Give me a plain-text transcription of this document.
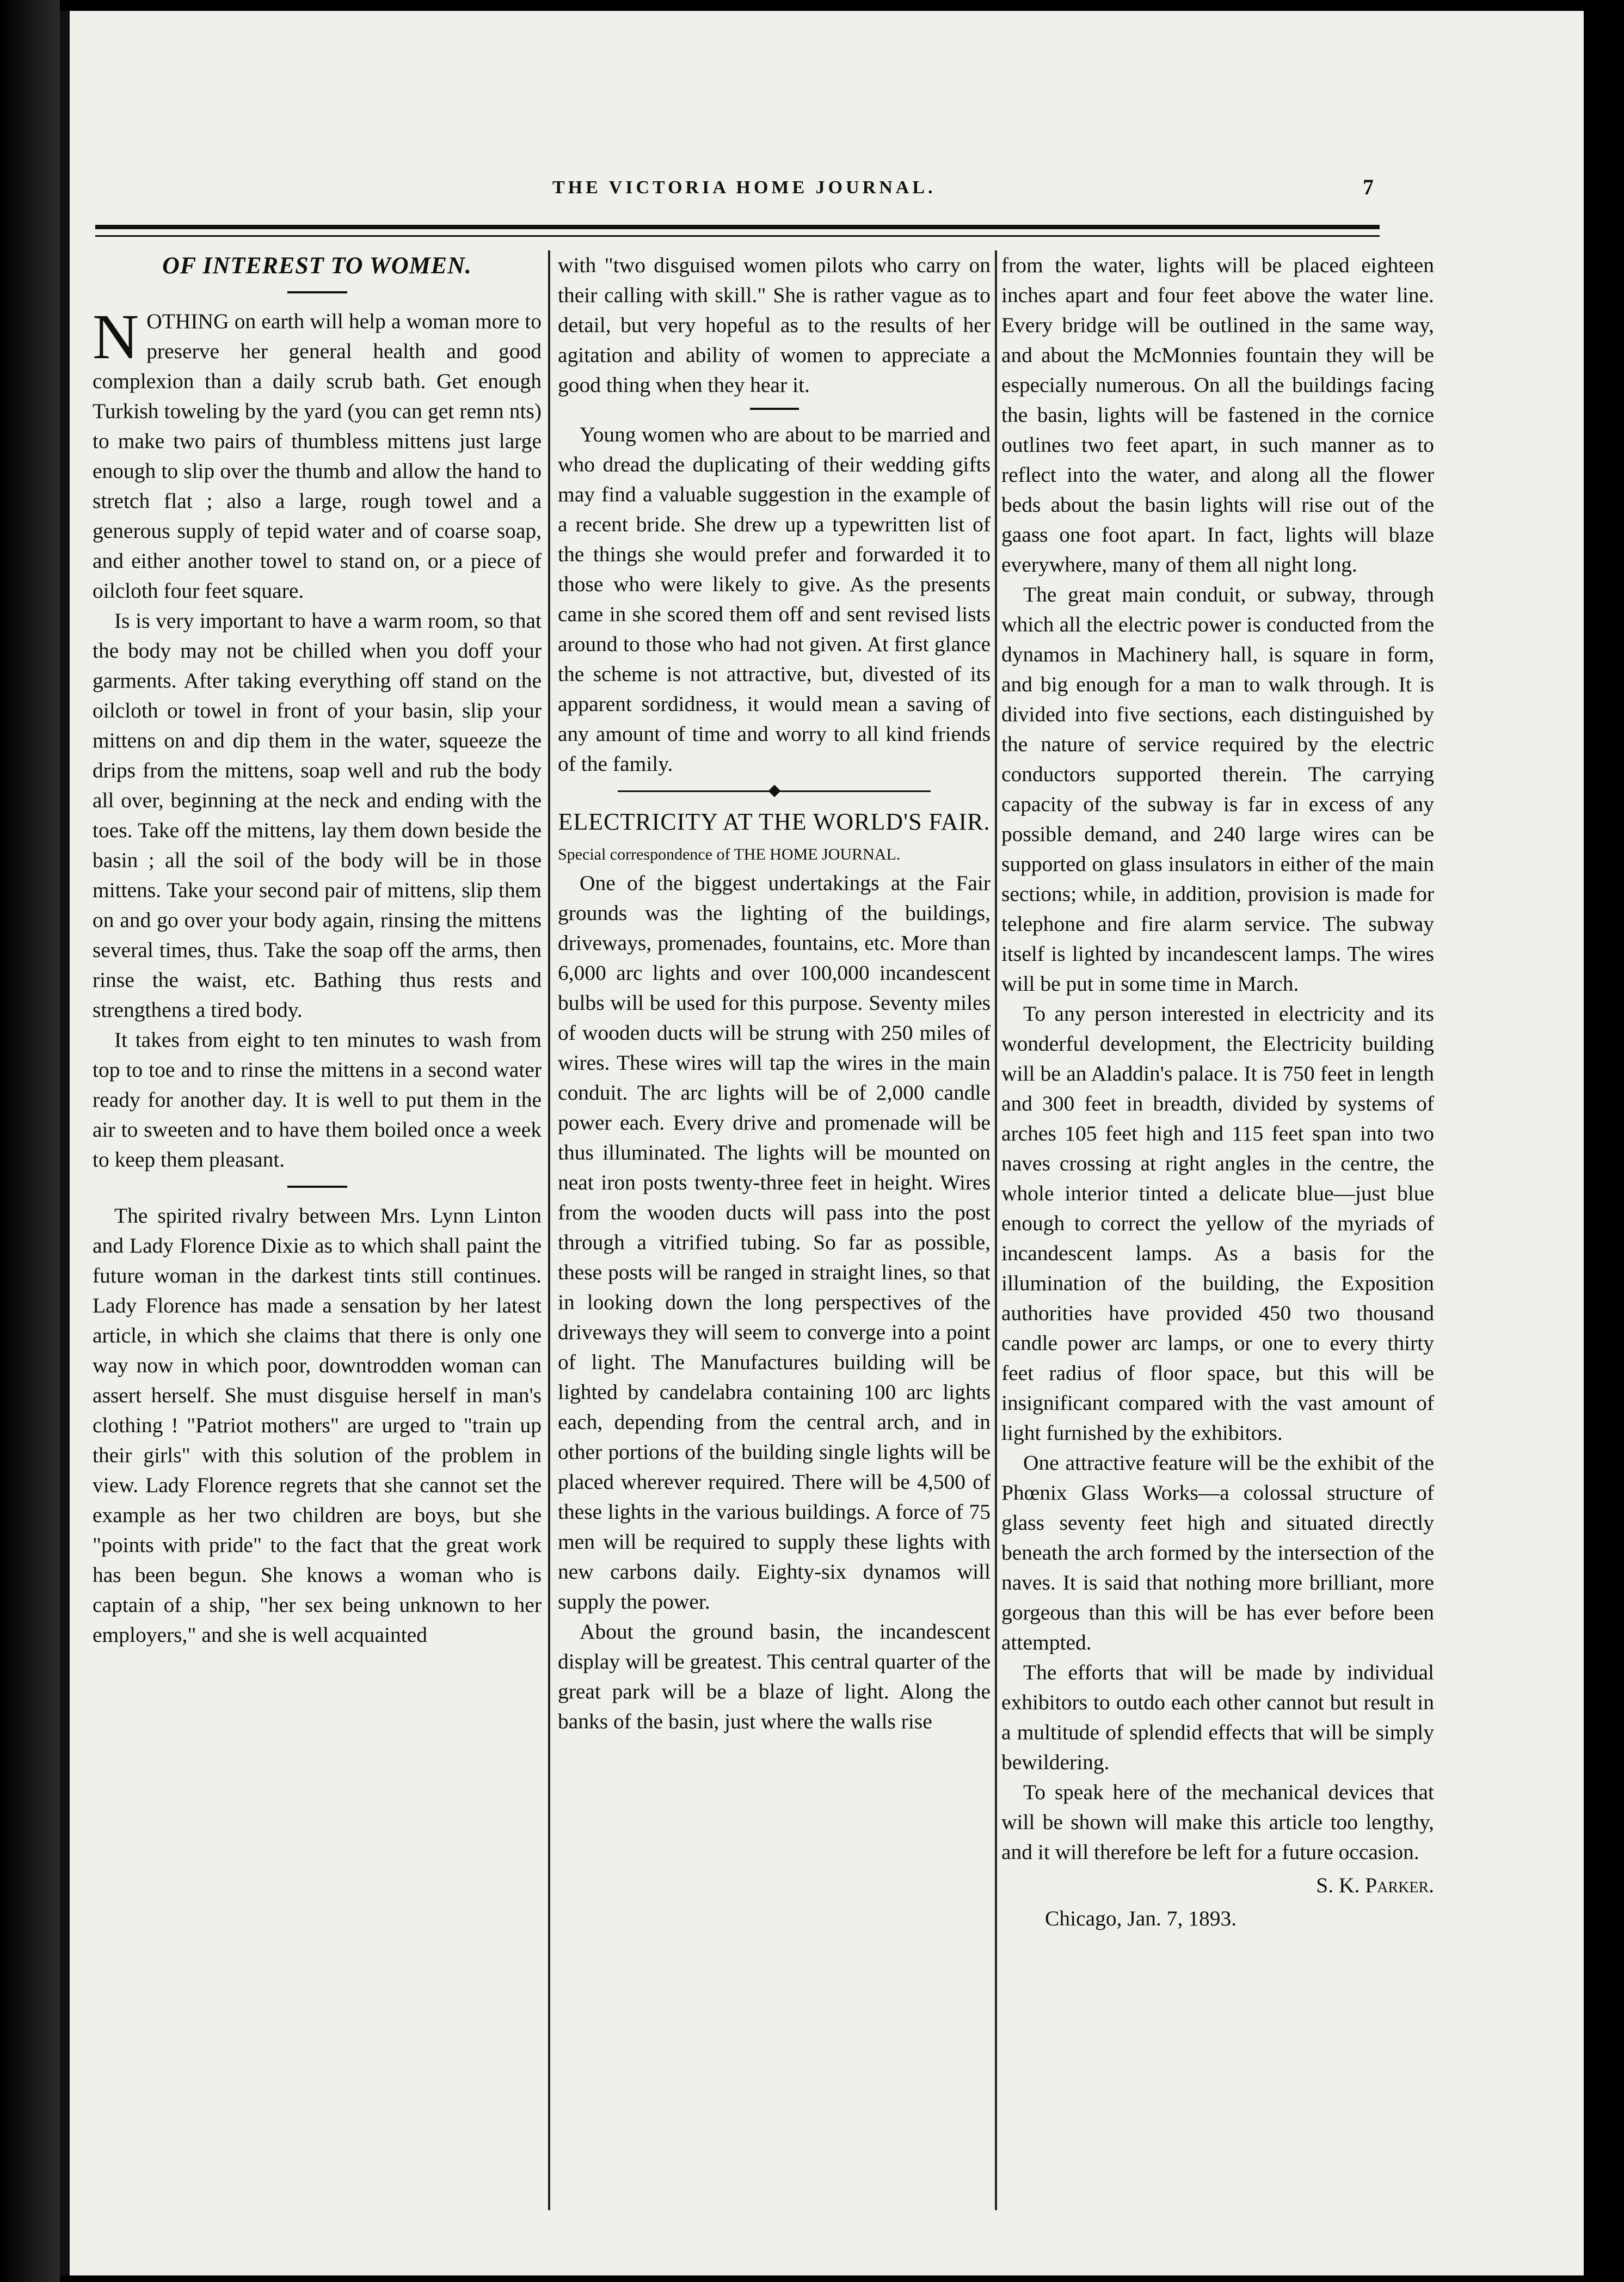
THE VICTORIA HOME JOURNAL.	7
OF INTEREST TO WOMEN.

NOTHING on earth will help a woman more to preserve her general health and good complexion than a daily scrub bath. Get enough Turkish toweling by the yard (you can get remn nts) to make two pairs of thumbless mittens just large enough to slip over the thumb and allow the hand to stretch flat ; also a large, rough towel and a generous supply of tepid water and of coarse soap, and either another towel to stand on, or a piece of oilcloth four feet square.

Is is very important to have a warm room, so that the body may not be chilled when you doff your garments. After taking everything off stand on the oilcloth or towel in front of your basin, slip your mittens on and dip them in the water, squeeze the drips from the mittens, soap well and rub the body all over, beginning at the neck and ending with the toes. Take off the mittens, lay them down beside the basin ; all the soil of the body will be in those mittens. Take your second pair of mittens, slip them on and go over your body again, rinsing the mittens several times, thus. Take the soap off the arms, then rinse the waist, etc. Bathing thus rests and strengthens a tired body.

It takes from eight to ten minutes to wash from top to toe and to rinse the mittens in a second water ready for another day. It is well to put them in the air to sweeten and to have them boiled once a week to keep them pleasant.

The spirited rivalry between Mrs. Lynn Linton and Lady Florence Dixie as to which shall paint the future woman in the darkest tints still continues. Lady Florence has made a sensation by her latest article, in which she claims that there is only one way now in which poor, downtrodden woman can assert herself. She must disguise herself in man's clothing ! "Patriot mothers" are urged to "train up their girls" with this solution of the problem in view. Lady Florence regrets that she cannot set the example as her two children are boys, but she "points with pride" to the fact that the great work has been begun. She knows a woman who is captain of a ship, "her sex being unknown to her employers," and she is well acquainted

with "two disguised women pilots who carry on their calling with skill." She is rather vague as to detail, but very hopeful as to the results of her agitation and ability of women to appreciate a good thing when they hear it.

Young women who are about to be married and who dread the duplicating of their wedding gifts may find a valuable suggestion in the example of a recent bride. She drew up a typewritten list of the things she would prefer and forwarded it to those who were likely to give. As the presents came in she scored them off and sent revised lists around to those who had not given. At first glance the scheme is not attractive, but, divested of its apparent sordidness, it would mean a saving of any amount of time and worry to all kind friends of the family.

ELECTRICITY AT THE WORLD'S FAIR.

Special correspondence of THE HOME JOURNAL.

One of the biggest undertakings at the Fair grounds was the lighting of the buildings, driveways, promenades, fountains, etc. More than 6,000 arc lights and over 100,000 incandescent bulbs will be used for this purpose. Seventy miles of wooden ducts will be strung with 250 miles of wires. These wires will tap the wires in the main conduit. The arc lights will be of 2,000 candle power each. Every drive and promenade will be thus illuminated. The lights will be mounted on neat iron posts twenty-three feet in height. Wires from the wooden ducts will pass into the post through a vitrified tubing. So far as possible, these posts will be ranged in straight lines, so that in looking down the long perspectives of the driveways they will seem to converge into a point of light. The Manufactures building will be lighted by candelabra containing 100 arc lights each, depending from the central arch, and in other portions of the building single lights will be placed wherever required. There will be 4,500 of these lights in the various buildings. A force of 75 men will be required to supply these lights with new carbons daily. Eighty-six dynamos will supply the power.

About the ground basin, the incandescent display will be greatest. This central quarter of the great park will be a blaze of light. Along the banks of the basin, just where the walls rise

from the water, lights will be placed eighteen inches apart and four feet above the water line. Every bridge will be outlined in the same way, and about the McMonnies fountain they will be especially numerous. On all the buildings facing the basin, lights will be fastened in the cornice outlines two feet apart, in such manner as to reflect into the water, and along all the flower beds about the basin lights will rise out of the gaass one foot apart. In fact, lights will blaze everywhere, many of them all night long.

The great main conduit, or subway, through which all the electric power is conducted from the dynamos in Machinery hall, is square in form, and big enough for a man to walk through. It is divided into five sections, each distinguished by the nature of service required by the electric conductors supported therein. The carrying capacity of the subway is far in excess of any possible demand, and 240 large wires can be supported on glass insulators in either of the main sections; while, in addition, provision is made for telephone and fire alarm service. The subway itself is lighted by incandescent lamps. The wires will be put in some time in March.

To any person interested in electricity and its wonderful development, the Electricity building will be an Aladdin's palace. It is 750 feet in length and 300 feet in breadth, divided by systems of arches 105 feet high and 115 feet span into two naves crossing at right angles in the centre, the whole interior tinted a delicate blue—just blue enough to correct the yellow of the myriads of incandescent lamps. As a basis for the illumination of the building, the Exposition authorities have provided 450 two thousand candle power arc lamps, or one to every thirty feet radius of floor space, but this will be insignificant compared with the vast amount of light furnished by the exhibitors.

One attractive feature will be the exhibit of the Phœnix Glass Works—a colossal structure of glass seventy feet high and situated directly beneath the arch formed by the intersection of the naves. It is said that nothing more brilliant, more gorgeous than this will be has ever before been attempted.

The efforts that will be made by individual exhibitors to outdo each other cannot but result in a multitude of splendid effects that will be simply bewildering.

To speak here of the mechanical devices that will be shown will make this article too lengthy, and it will therefore be left for a future occasion.

S. K. Parker.
Chicago, Jan. 7, 1893.
